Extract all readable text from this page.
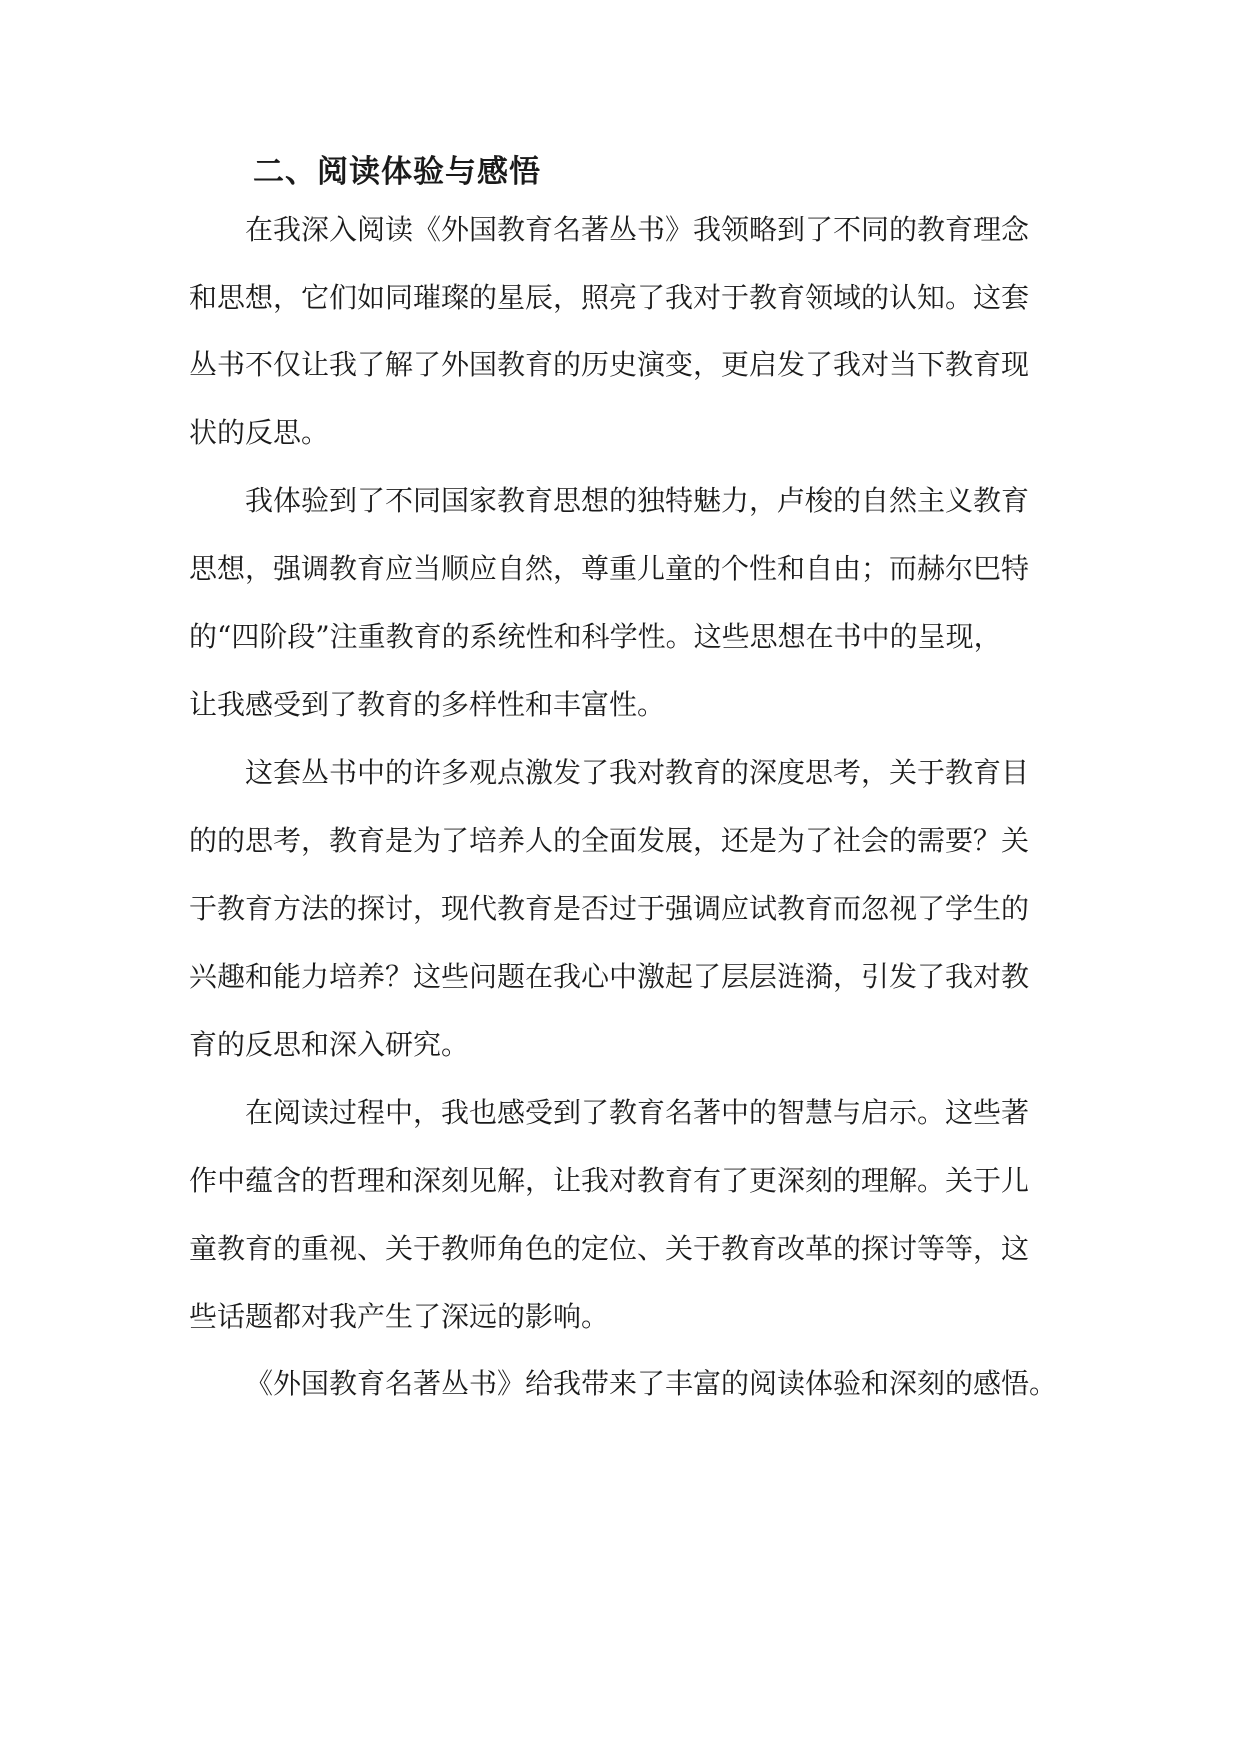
二、阅读体验与感悟

在我深入阅读《外国教育名著丛书》我领略到了不同的教育理念

和思想，它们如同璀璨的星辰，照亮了我对于教育领域的认知。这套

丛书不仅让我了解了外国教育的历史演变，更启发了我对当下教育现

状的反思。

我体验到了不同国家教育思想的独特魅力，卢梭的自然主义教育

思想，强调教育应当顺应自然，尊重儿童的个性和自由；而赫尔巴特

的“四阶段”注重教育的系统性和科学性。这些思想在书中的呈现，

让我感受到了教育的多样性和丰富性。

这套丛书中的许多观点激发了我对教育的深度思考，关于教育目

的的思考，教育是为了培养人的全面发展，还是为了社会的需要？关

于教育方法的探讨，现代教育是否过于强调应试教育而忽视了学生的

兴趣和能力培养？这些问题在我心中激起了层层涟漪，引发了我对教

育的反思和深入研究。

在阅读过程中，我也感受到了教育名著中的智慧与启示。这些著

作中蕴含的哲理和深刻见解，让我对教育有了更深刻的理解。关于儿

童教育的重视、关于教师角色的定位、关于教育改革的探讨等等，这

些话题都对我产生了深远的影响。

《外国教育名著丛书》给我带来了丰富的阅读体验和深刻的感悟。
